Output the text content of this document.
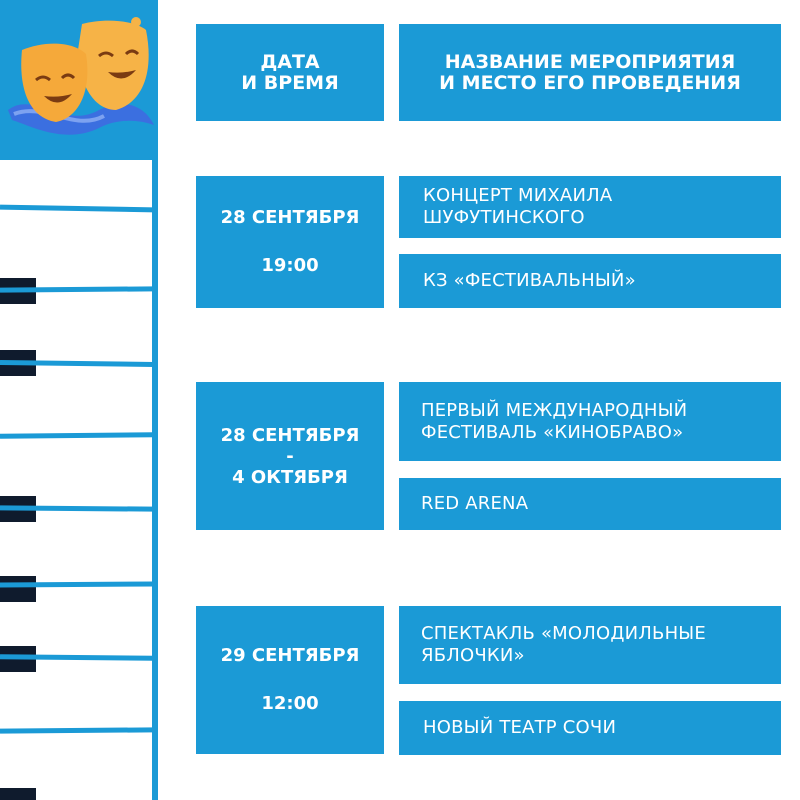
ДАТА
И ВРЕМЯ
НАЗВАНИЕ МЕРОПРИЯТИЯ
И МЕСТО ЕГО ПРОВЕДЕНИЯ
28 СЕНТЯБРЯ
19:00
КОНЦЕРТ МИХАИЛА
ШУФУТИНСКОГО
КЗ «ФЕСТИВАЛЬНЫЙ»
28 СЕНТЯБРЯ
-
4 ОКТЯБРЯ
ПЕРВЫЙ МЕЖДУНАРОДНЫЙ
ФЕСТИВАЛЬ «КИНОБРАВО»
RED ARENA
29 СЕНТЯБРЯ
12:00
СПЕКТАКЛЬ «МОЛОДИЛЬНЫЕ
ЯБЛОЧКИ»
НОВЫЙ ТЕАТР СОЧИ
